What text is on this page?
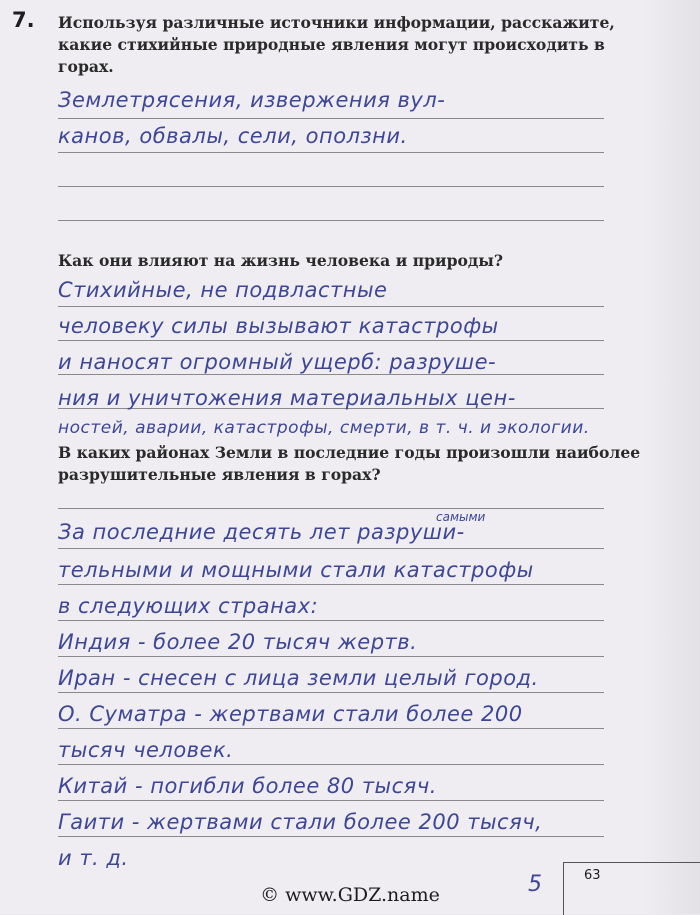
7. Используя различные источники информации, расскажите, какие стихийные природные явления могут происходить в горах.
Землетрясения, извержения вул-
канов, обвалы, сели, оползни.
Как они влияют на жизнь человека и природы?
Стихийные, не подвластные
человеку силы вызывают катастрофы
и наносят огромный ущерб: разруше-
ния и уничтожения материальных цен-
ностей, аварии, катастрофы, смерти, в т. ч. и экологии.
В каких районах Земли в последние годы произошли наиболее разрушительные явления в горах?
самыми
За последние десять лет разруши-
тельными и мощными стали катастрофы
в следующих странах:
Индия - более 20 тысяч жертв.
Иран - снесен с лица земли целый город.
О. Суматра - жертвами стали более 200
тысяч человек.
Китай - погибли более 80 тысяч.
Гаити - жертвами стали более 200 тысяч,
и т. д.
5	63
© www.GDZ.name
